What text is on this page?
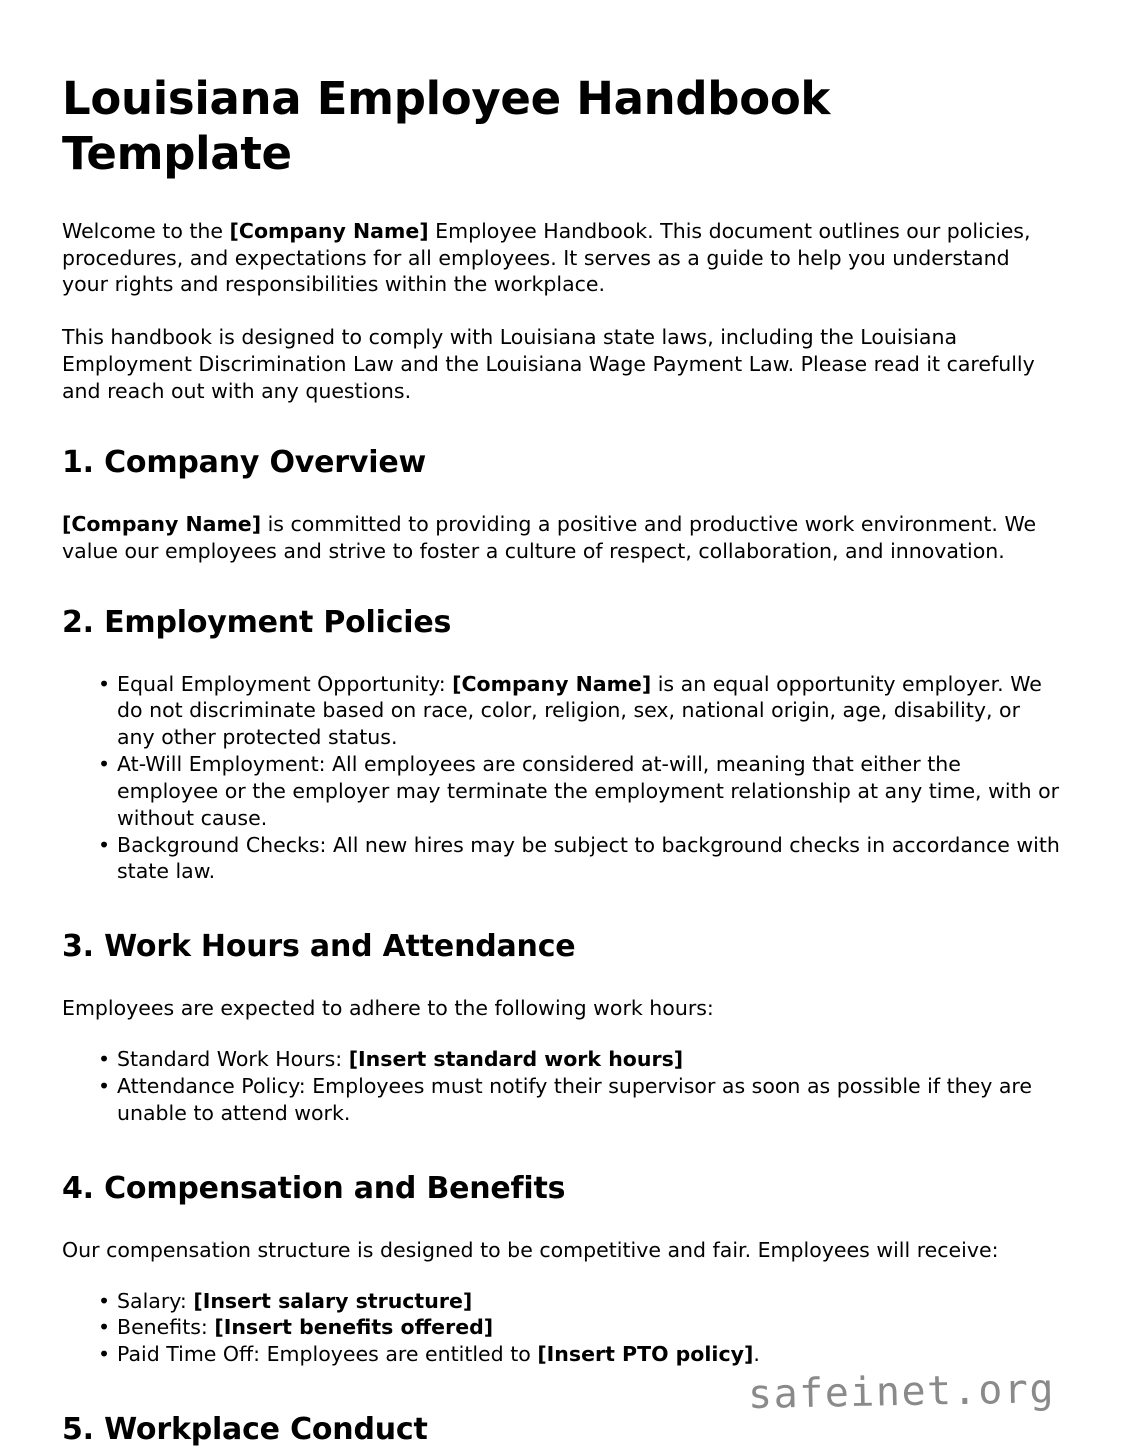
Louisiana Employee Handbook Template

Welcome to the [Company Name] Employee Handbook. This document outlines our policies, procedures, and expectations for all employees. It serves as a guide to help you understand your rights and responsibilities within the workplace.

This handbook is designed to comply with Louisiana state laws, including the Louisiana Employment Discrimination Law and the Louisiana Wage Payment Law. Please read it carefully and reach out with any questions.

1. Company Overview

[Company Name] is committed to providing a positive and productive work environment. We value our employees and strive to foster a culture of respect, collaboration, and innovation.

2. Employment Policies
• Equal Employment Opportunity: [Company Name] is an equal opportunity employer. We do not discriminate based on race, color, religion, sex, national origin, age, disability, or any other protected status.
• At-Will Employment: All employees are considered at-will, meaning that either the employee or the employer may terminate the employment relationship at any time, with or without cause.
• Background Checks: All new hires may be subject to background checks in accordance with state law.
3. Work Hours and Attendance

Employees are expected to adhere to the following work hours:

• Standard Work Hours: [Insert standard work hours]
• Attendance Policy: Employees must notify their supervisor as soon as possible if they are unable to attend work.
4. Compensation and Benefits

Our compensation structure is designed to be competitive and fair. Employees will receive:

• Salary: [Insert salary structure]
• Benefits: [Insert benefits offered]
• Paid Time Off: Employees are entitled to [Insert PTO policy].
5. Workplace Conduct
safeinet.org
